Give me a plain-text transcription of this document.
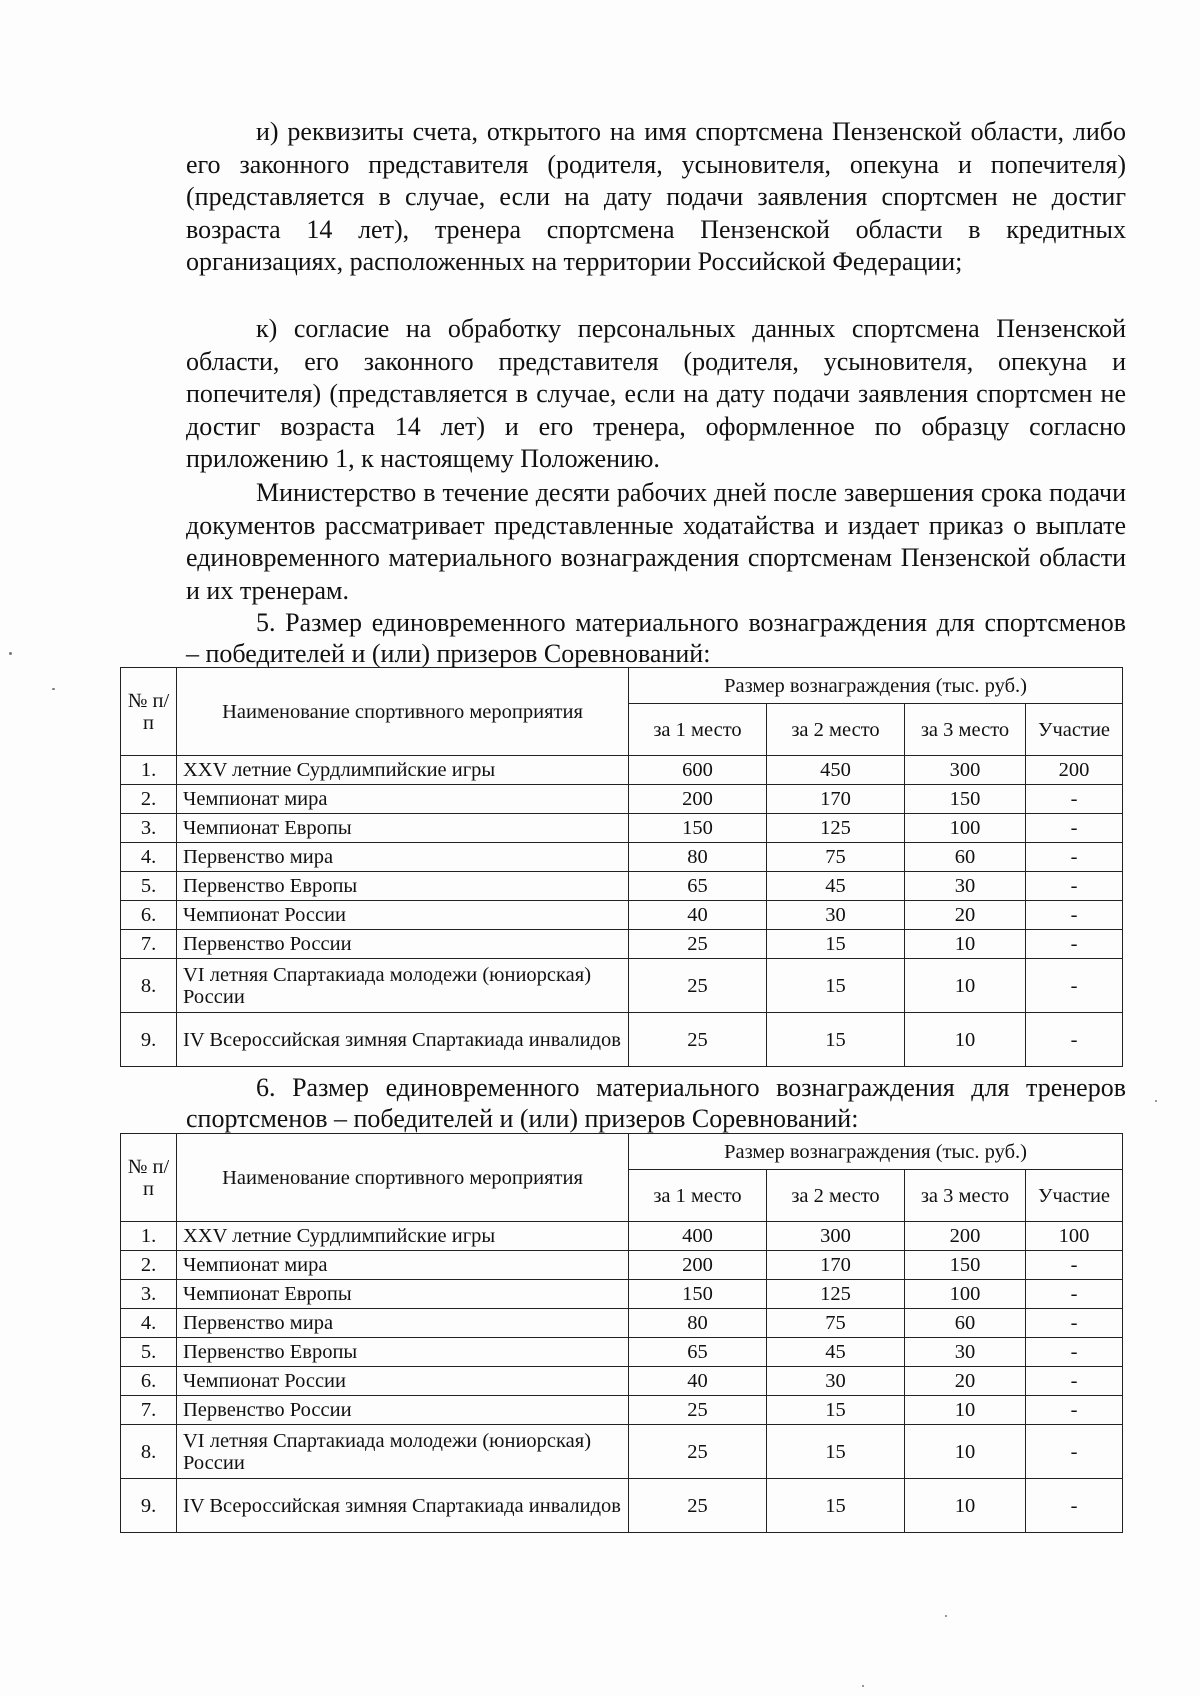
и) реквизиты счета, открытого на имя спортсмена Пензенской области, либо его законного представителя (родителя, усыновителя, опекуна и попечителя) (представляется в случае, если на дату подачи заявления спортсмен не достиг возраста 14 лет), тренера спортсмена Пензенской области в кредитных организациях, расположенных на территории Российской Федерации;

к) согласие на обработку персональных данных спортсмена Пензенской области, его законного представителя (родителя, усыновителя, опекуна и попечителя) (представляется в случае, если на дату подачи заявления спортсмен не достиг возраста 14 лет) и его тренера, оформленное по образцу согласно приложению 1, к настоящему Положению.

Министерство в течение десяти рабочих дней после завершения срока подачи документов рассматривает представленные ходатайства и издает приказ о выплате единовременного материального вознаграждения спортсменам Пензенской области и их тренерам.

5. Размер единовременного материального вознаграждения для спортсменов – победителей и (или) призеров Соревнований:

№ п/п	Наименование спортивного мероприятия	Размер вознаграждения (тыс. руб.)			
		за 1 место	за 2 место	за 3 место	Участие
1.	XXV летние Сурдлимпийские игры	600	450	300	200
2.	Чемпионат мира	200	170	150	-
3.	Чемпионат Европы	150	125	100	-
4.	Первенство мира	80	75	60	-
5.	Первенство Европы	65	45	30	-
6.	Чемпионат России	40	30	20	-
7.	Первенство России	25	15	10	-
8.	VI летняя Спартакиада молодежи (юниорская) России	25	15	10	-
9.	IV Всероссийская зимняя Спартакиада инвалидов	25	15	10	-

6. Размер единовременного материального вознаграждения для тренеров спортсменов – победителей и (или) призеров Соревнований:

№ п/п	Наименование спортивного мероприятия	Размер вознаграждения (тыс. руб.)			
		за 1 место	за 2 место	за 3 место	Участие
1.	XXV летние Сурдлимпийские игры	400	300	200	100
2.	Чемпионат мира	200	170	150	-
3.	Чемпионат Европы	150	125	100	-
4.	Первенство мира	80	75	60	-
5.	Первенство Европы	65	45	30	-
6.	Чемпионат России	40	30	20	-
7.	Первенство России	25	15	10	-
8.	VI летняя Спартакиада молодежи (юниорская) России	25	15	10	-
9.	IV Всероссийская зимняя Спартакиада инвалидов	25	15	10	-
